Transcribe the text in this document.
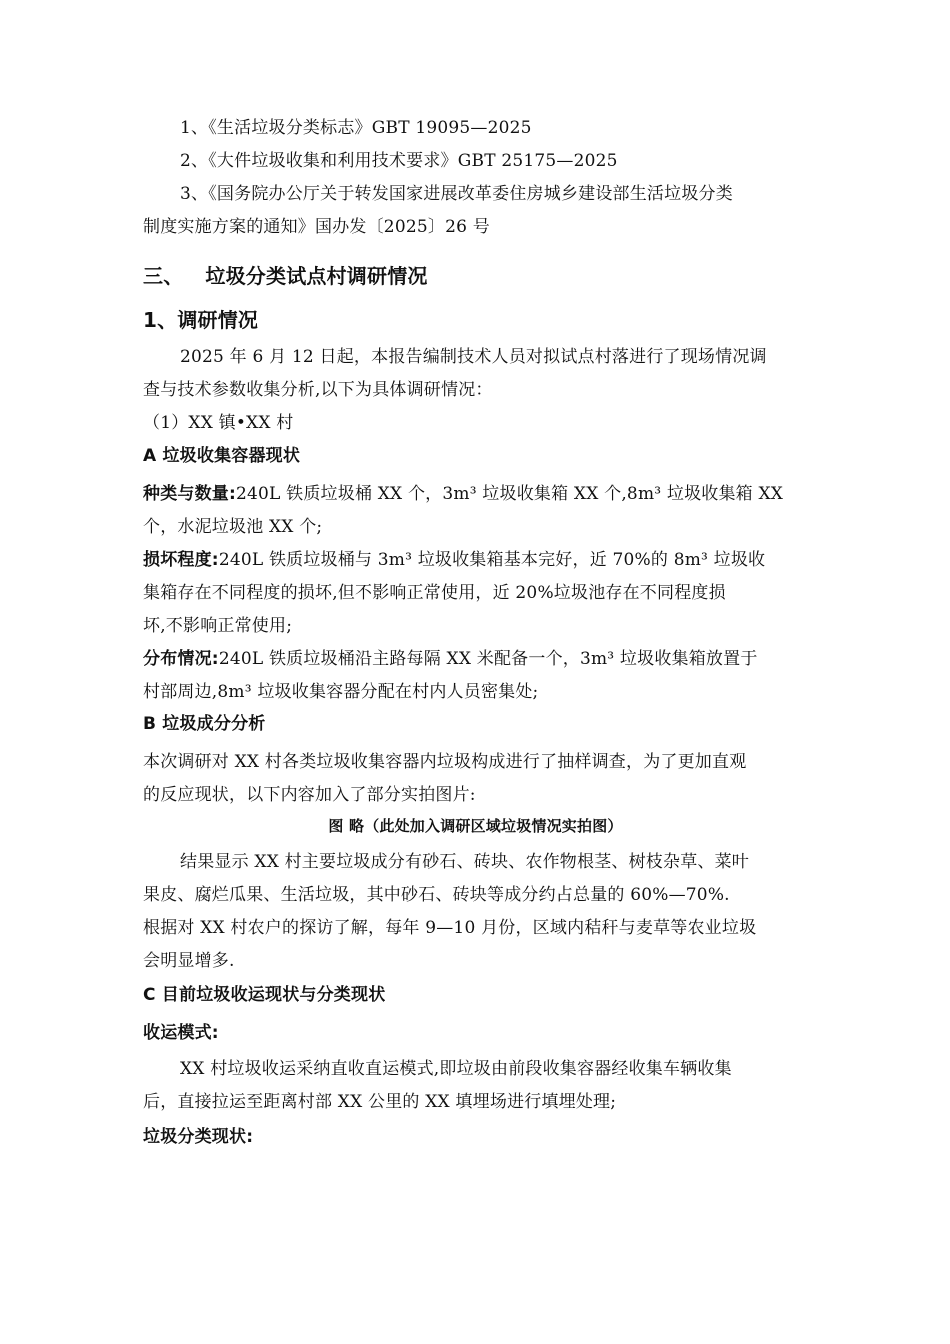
1、《生活垃圾分类标志》GBT 19095—2025
2、《大件垃圾收集和利用技术要求》GBT 25175—2025
3、《国务院办公厅关于转发国家进展改革委住房城乡建设部生活垃圾分类
制度实施方案的通知》国办发〔2025〕26 号
三、 垃圾分类试点村调研情况
1、调研情况
2025 年 6 月 12 日起，本报告编制技术人员对拟试点村落进行了现场情况调
查与技术参数收集分析,以下为具体调研情况：
（1）XX 镇•XX 村
A 垃圾收集容器现状
种类与数量:240L 铁质垃圾桶 XX 个，3m³ 垃圾收集箱 XX 个,8m³ 垃圾收集箱 XX
个，水泥垃圾池 XX 个;
损坏程度:240L 铁质垃圾桶与 3m³ 垃圾收集箱基本完好，近 70%的 8m³ 垃圾收
集箱存在不同程度的损坏,但不影响正常使用，近 20%垃圾池存在不同程度损
坏,不影响正常使用;
分布情况:240L 铁质垃圾桶沿主路每隔 XX 米配备一个，3m³ 垃圾收集箱放置于
村部周边,8m³ 垃圾收集容器分配在村内人员密集处;
B 垃圾成分分析
本次调研对 XX 村各类垃圾收集容器内垃圾构成进行了抽样调查，为了更加直观
的反应现状，以下内容加入了部分实拍图片:
图 略（此处加入调研区域垃圾情况实拍图）
结果显示 XX 村主要垃圾成分有砂石、砖块、农作物根茎、树枝杂草、菜叶
果皮、腐烂瓜果、生活垃圾，其中砂石、砖块等成分约占总量的 60%—70%.
根据对 XX 村农户的探访了解，每年 9—10 月份，区域内秸秆与麦草等农业垃圾
会明显增多.
C 目前垃圾收运现状与分类现状
收运模式:
XX 村垃圾收运采纳直收直运模式,即垃圾由前段收集容器经收集车辆收集
后，直接拉运至距离村部 XX 公里的 XX 填埋场进行填埋处理;
垃圾分类现状:
